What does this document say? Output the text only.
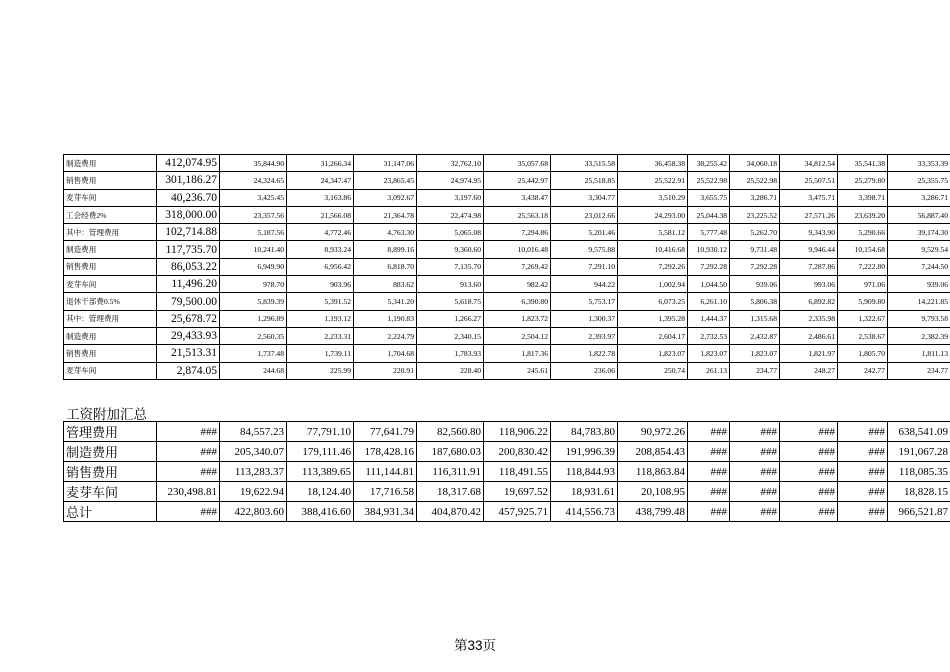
制造费用	412,074.95	35,844.90	31,266.34	31,147.06	32,762.10	35,057.68	33,515.58	36,458.38	38,255.42	34,060.18	34,812.54	35,541.38	33,353.39
销售费用	301,186.27	24,324.65	24,347.47	23,865.45	24,974.95	25,442.97	25,518.85	25,522.91	25,522.98	25,522.98	25,507.51	25,279.80	25,355.75
麦芽车间	40,236.70	3,425.45	3,163.86	3,092.67	3,197.60	3,438.47	3,304.77	3,510.29	3,655.75	3,286.71	3,475.71	3,398.71	3,286.71
工会经费2%	318,000.00	23,357.56	21,566.08	21,364.78	22,474.98	25,563.18	23,012.66	24,293.00	25,044.38	23,225.52	27,571.26	23,639.20	56,887.40
其中：管理费用	102,714.88	5,187.56	4,772.46	4,763.30	5,065.08	7,294.86	5,201.46	5,581.12	5,777.48	5,262.70	9,343.90	5,290.66	39,174.30
制造费用	117,735.70	10,241.40	8,933.24	8,899.16	9,360.60	10,016.48	9,575.88	10,416.68	10,930.12	9,731.48	9,946.44	10,154.68	9,529.54
销售费用	86,053.22	6,949.90	6,956.42	6,818.70	7,135.70	7,269.42	7,291.10	7,292.26	7,292.28	7,292.28	7,287.86	7,222.80	7,244.50
麦芽车间	11,496.20	978.70	903.96	883.62	913.60	982.42	944.22	1,002.94	1,044.50	939.06	993.06	971.06	939.06
退休干部费0.5%	79,500.00	5,839.39	5,391.52	5,341.20	5,618.75	6,390.80	5,753.17	6,073.25	6,261.10	5,806.38	6,892.82	5,909.80	14,221.85
其中：管理费用	25,678.72	1,296.89	1,193.12	1,190.83	1,266.27	1,823.72	1,300.37	1,395.28	1,444.37	1,315.68	2,335.98	1,322.67	9,793.58
制造费用	29,433.93	2,560.35	2,233.31	2,224.79	2,340.15	2,504.12	2,393.97	2,604.17	2,732.53	2,432.87	2,486.61	2,538.67	2,382.39
销售费用	21,513.31	1,737.48	1,739.11	1,704.68	1,783.93	1,817.36	1,822.78	1,823.07	1,823.07	1,823.07	1,821.97	1,805.70	1,811.13
麦芽车间	2,874.05	244.68	225.99	220.91	228.40	245.61	236.06	250.74	261.13	234.77	248.27	242.77	234.77
工资附加汇总
管理费用	###	84,557.23	77,791.10	77,641.79	82,560.80	118,906.22	84,783.80	90,972.26	###	###	###	###	638,541.09
制造费用	###	205,340.07	179,111.46	178,428.16	187,680.03	200,830.42	191,996.39	208,854.43	###	###	###	###	191,067.28
销售费用	###	113,283.37	113,389.65	111,144.81	116,311.91	118,491.55	118,844.93	118,863.84	###	###	###	###	118,085.35
麦芽车间	230,498.81	19,622.94	18,124.40	17,716.58	18,317.68	19,697.52	18,931.61	20,108.95	###	###	###	###	18,828.15
总计	###	422,803.60	388,416.60	384,931.34	404,870.42	457,925.71	414,556.73	438,799.48	###	###	###	###	966,521.87
第33页
